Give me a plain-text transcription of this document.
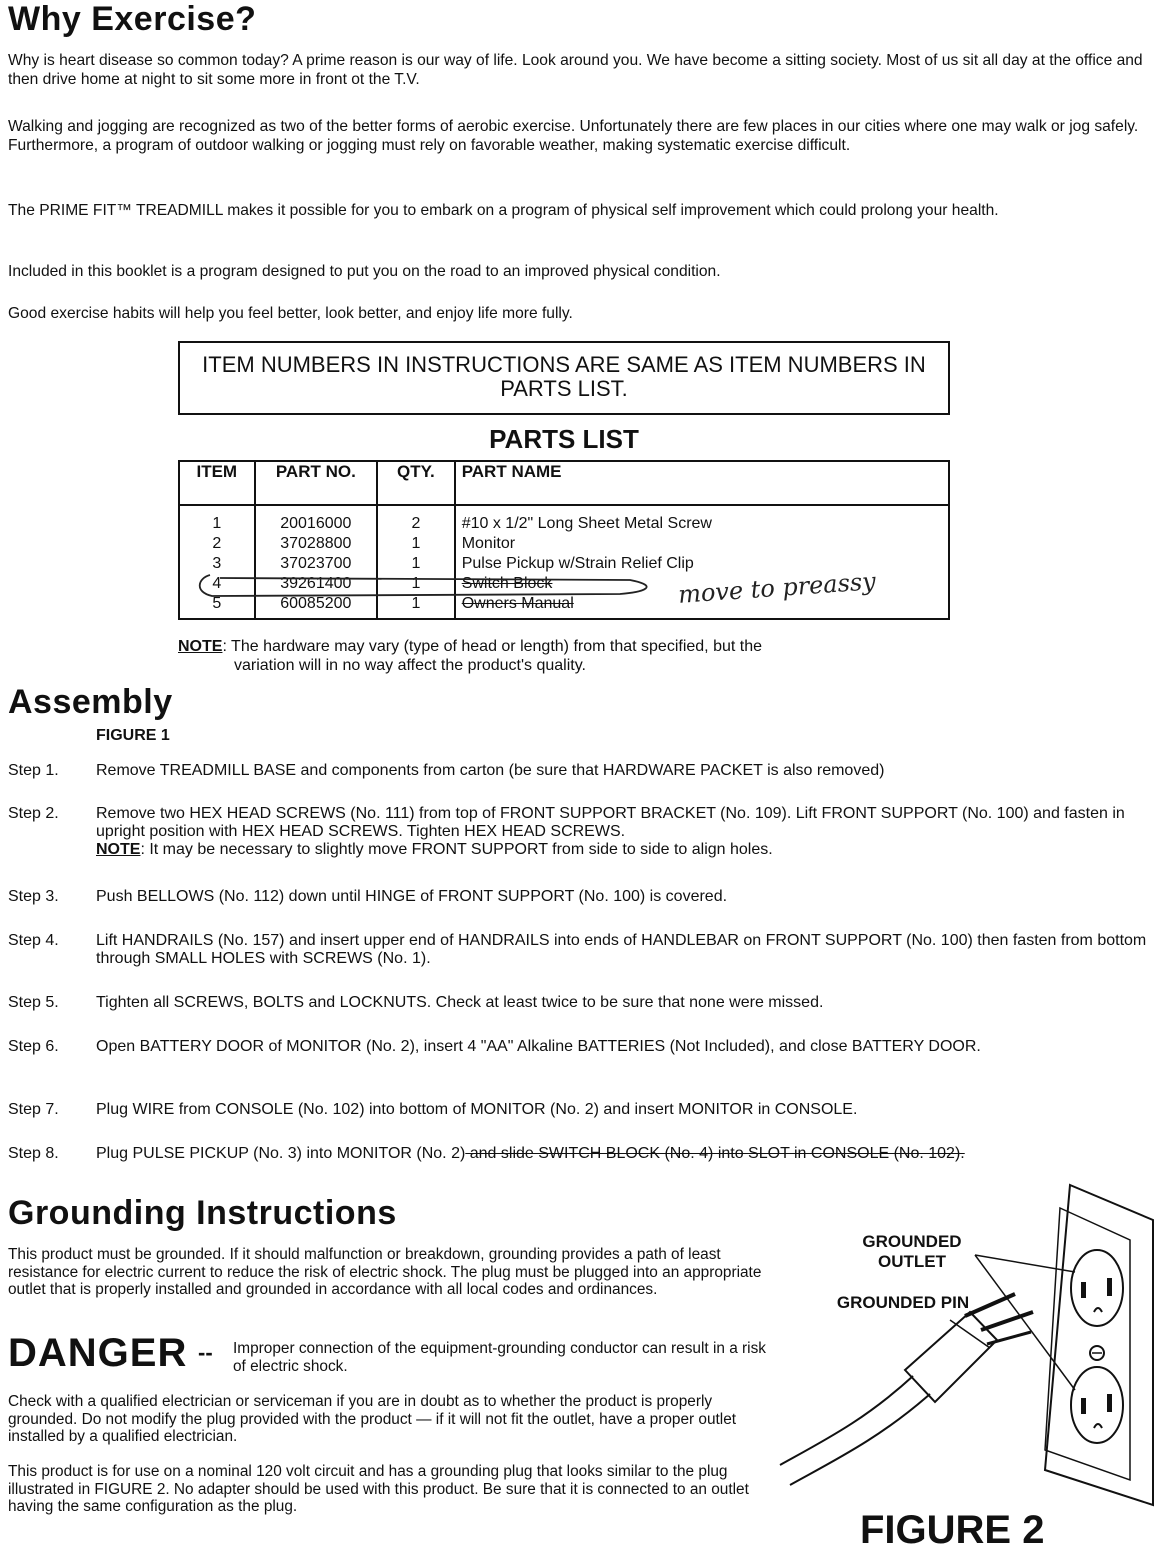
Why Exercise?

Why is heart disease so common today? A prime reason is our way of life. Look around you. We have become a sitting society. Most of us sit all day at the office and then drive home at night to sit some more in front ot the T.V.

Walking and jogging are recognized as two of the better forms of aerobic exercise. Unfortunately there are few places in our cities where one may walk or jog safely. Furthermore, a program of outdoor walking or jogging must rely on favorable weather, making systematic exercise difficult.

The PRIME FIT™ TREADMILL makes it possible for you to embark on a program of physical self improvement which could prolong your health.

Included in this booklet is a program designed to put you on the road to an improved physical condition.

Good exercise habits will help you feel better, look better, and enjoy life more fully.

ITEM NUMBERS IN INSTRUCTIONS ARE SAME AS ITEM NUMBERS IN PARTS LIST.
PARTS LIST
ITEM	PART NO.	QTY.	PART NAME
1	20016000	2	#10 x 1/2" Long Sheet Metal Screw
2	37028800	1	Monitor
3	37023700	1	Pulse Pickup w/Strain Relief Clip
4	39261400	1	Switch Block
5	60085200	1	Owners Manual	move to preassy
NOTE: The hardware may vary (type of head or length) from that specified, but the
variation will in no way affect the product's quality.
Assembly
FIGURE 1
Step 1.	Remove TREADMILL BASE and components from carton (be sure that HARDWARE PACKET is also removed)
Step 2.	Remove two HEX HEAD SCREWS (No. 111) from top of FRONT SUPPORT BRACKET (No. 109). Lift FRONT SUPPORT (No. 100) and fasten in upright position with HEX HEAD SCREWS. Tighten HEX HEAD SCREWS.
NOTE: It may be necessary to slightly move FRONT SUPPORT from side to side to align holes.
Step 3.	Push BELLOWS (No. 112) down until HINGE of FRONT SUPPORT (No. 100) is covered.
Step 4.	Lift HANDRAILS (No. 157) and insert upper end of HANDRAILS into ends of HANDLEBAR on FRONT SUPPORT (No. 100) then fasten from bottom through SMALL HOLES with SCREWS (No. 1).
Step 5.	Tighten all SCREWS, BOLTS and LOCKNUTS. Check at least twice to be sure that none were missed.
Step 6.	Open BATTERY DOOR of MONITOR (No. 2), insert 4 "AA" Alkaline BATTERIES (Not Included), and close BATTERY DOOR.
Step 7.	Plug WIRE from CONSOLE (No. 102) into bottom of MONITOR (No. 2) and insert MONITOR in CONSOLE.
Step 8.	Plug PULSE PICKUP (No. 3) into MONITOR (No. 2) and slide SWITCH BLOCK (No. 4) into SLOT in CONSOLE (No. 102).
Grounding Instructions

This product must be grounded. If it should malfunction or breakdown, grounding provides a path of least resistance for electric current to reduce the risk of electric shock. The plug must be plugged into an appropriate outlet that is properly installed and grounded in accordance with all local codes and ordinances.

DANGER -- Improper connection of the equipment-grounding conductor can result in a risk of electric shock.

Check with a qualified electrician or serviceman if you are in doubt as to whether the product is properly grounded. Do not modify the plug provided with the product — if it will not fit the outlet, have a proper outlet installed by a qualified electrician.

This product is for use on a nominal 120 volt circuit and has a grounding plug that looks similar to the plug illustrated in FIGURE 2. No adapter should be used with this product. Be sure that it is connected to an outlet having the same configuration as the plug.

GROUNDED OUTLET
GROUNDED PIN
FIGURE 2
